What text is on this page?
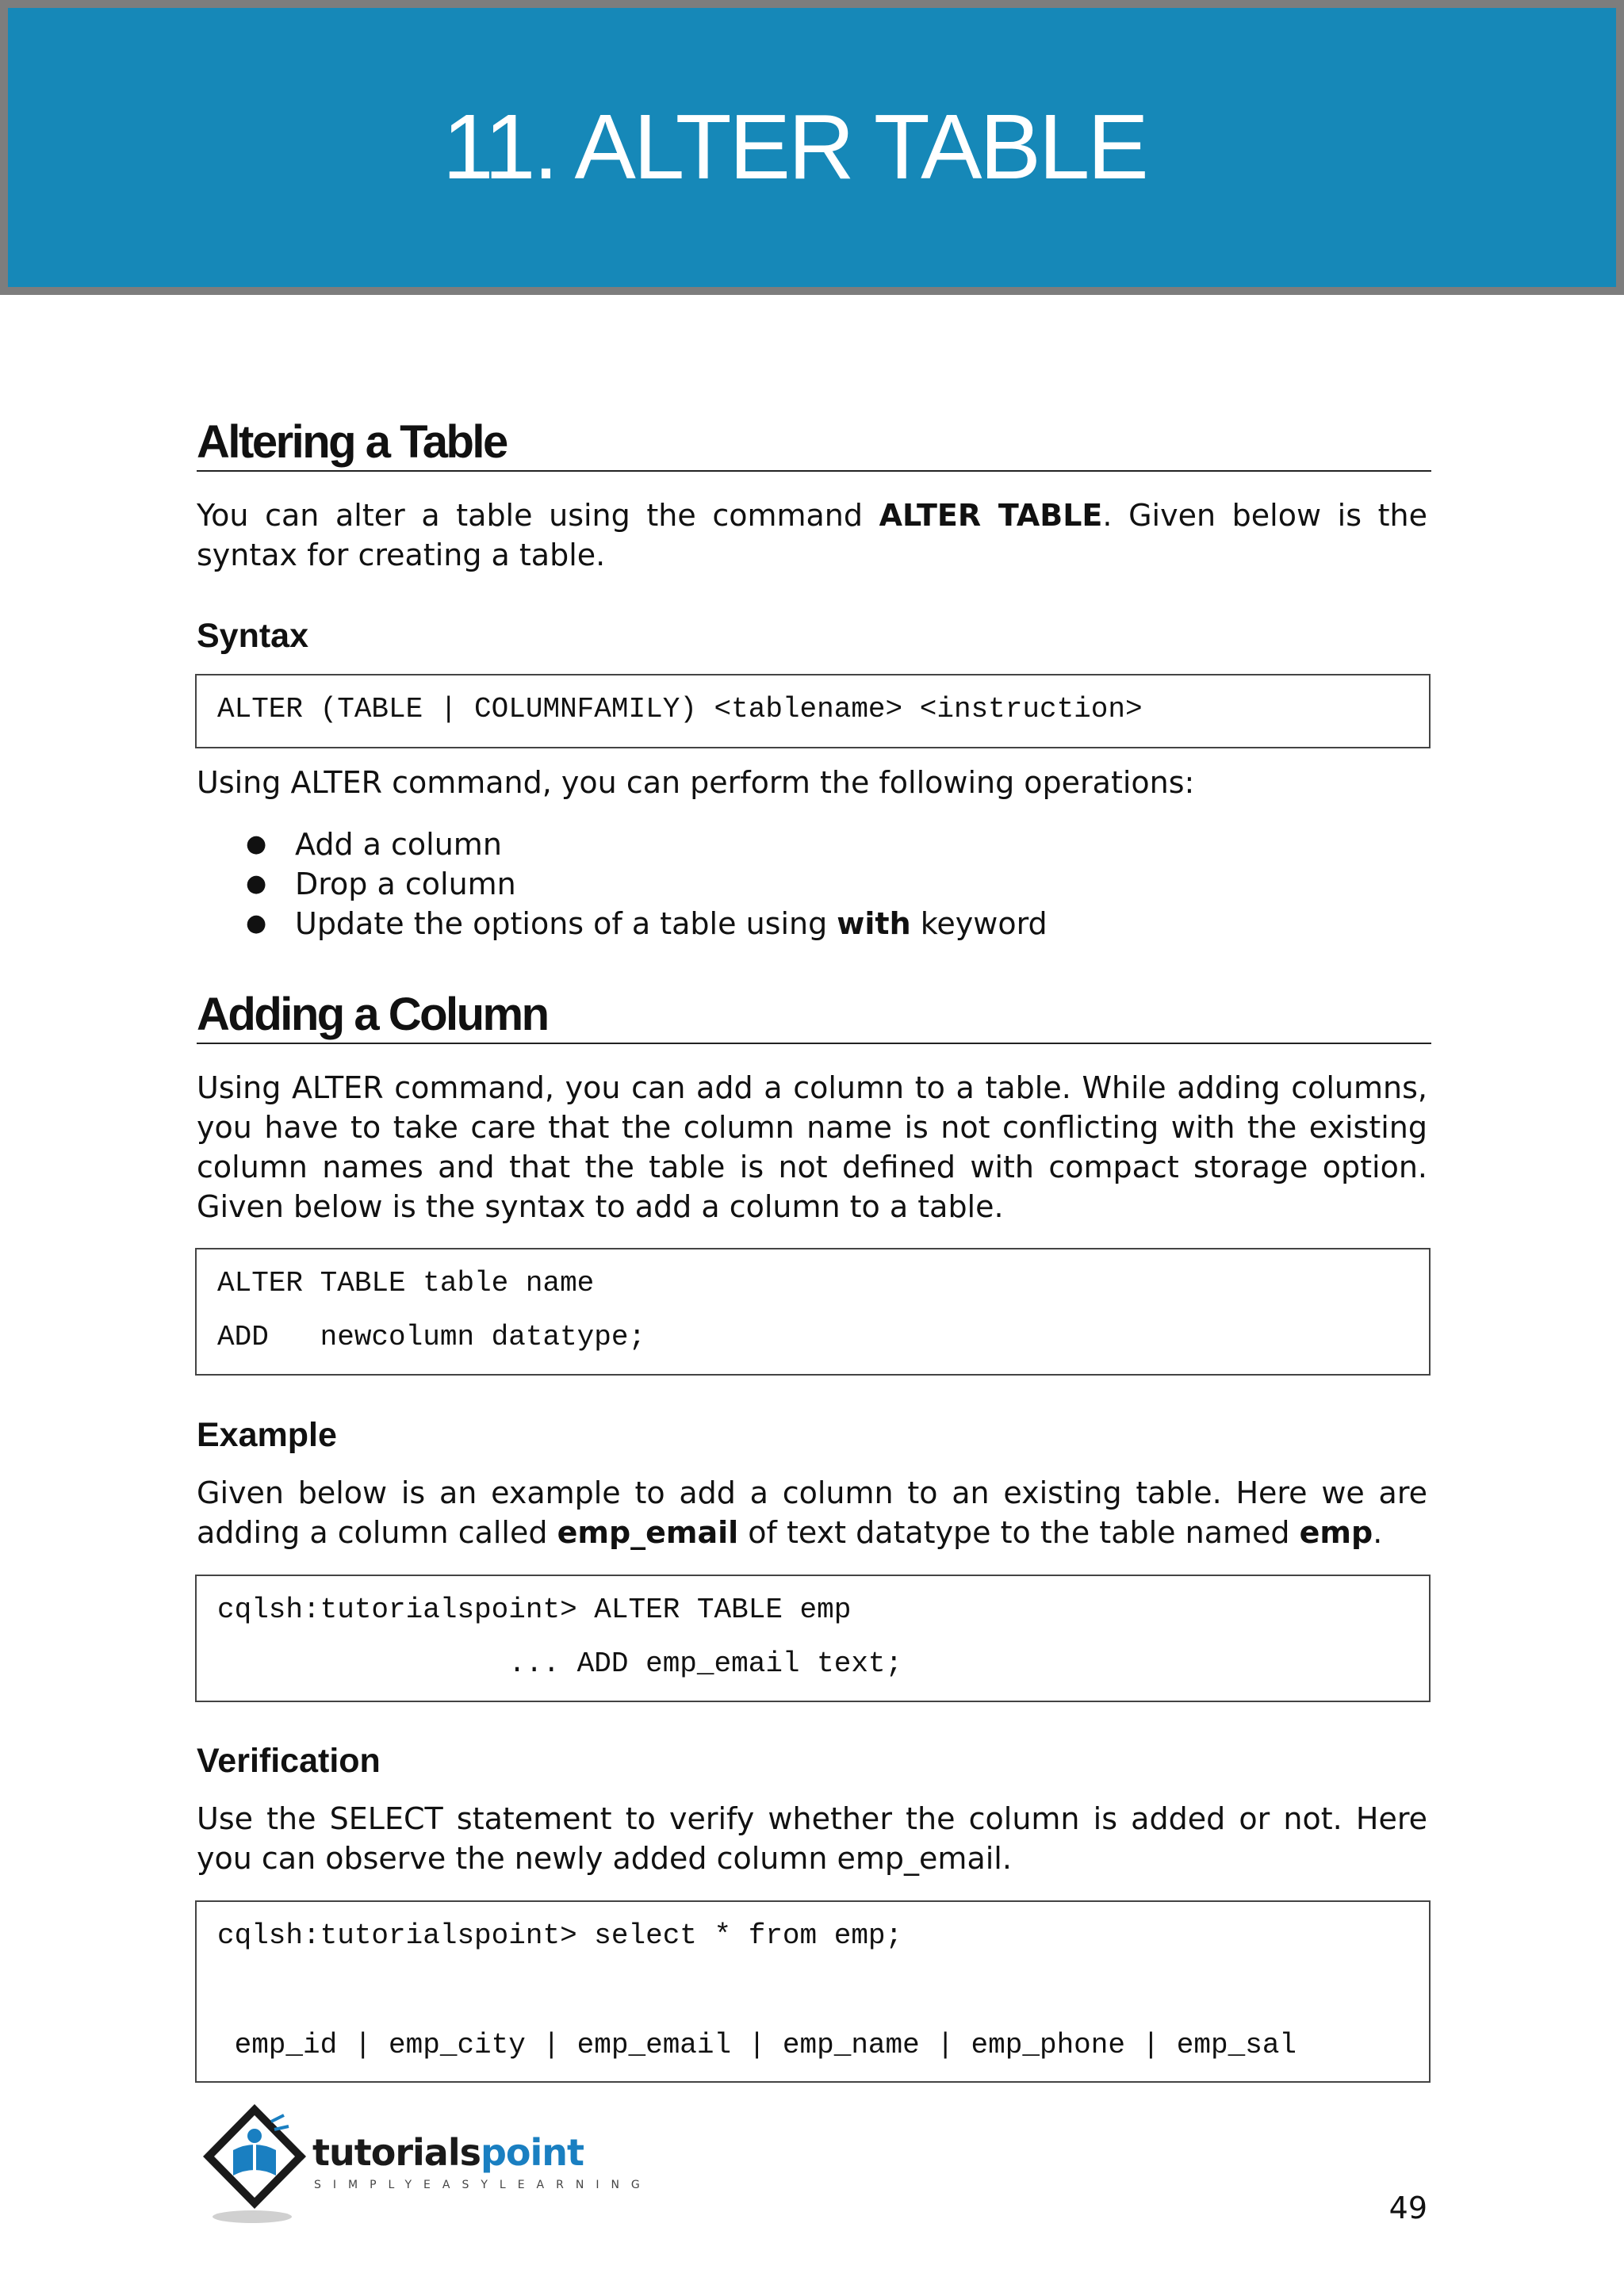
11. ALTER TABLE
Altering a Table
You can alter a table using the command ALTER TABLE. Given below is the syntax for creating a table.
Syntax
ALTER (TABLE | COLUMNFAMILY) <tablename> <instruction>
Using ALTER command, you can perform the following operations:
● Add a column
● Drop a column
● Update the options of a table using with keyword
Adding a Column
Using ALTER command, you can add a column to a table. While adding columns, you have to take care that the column name is not conflicting with the existing column names and that the table is not defined with compact storage option. Given below is the syntax to add a column to a table.
ALTER TABLE table name
ADD   newcolumn datatype;
Example
Given below is an example to add a column to an existing table. Here we are adding a column called emp_email of text datatype to the table named emp.
cqlsh:tutorialspoint> ALTER TABLE emp
... ADD emp_email text;
Verification
Use the SELECT statement to verify whether the column is added or not. Here you can observe the newly added column emp_email.
cqlsh:tutorialspoint> select * from emp;
emp_id | emp_city | emp_email | emp_name | emp_phone | emp_sal
tutorialspoint
SIMPLYEASYLEARNING
49
